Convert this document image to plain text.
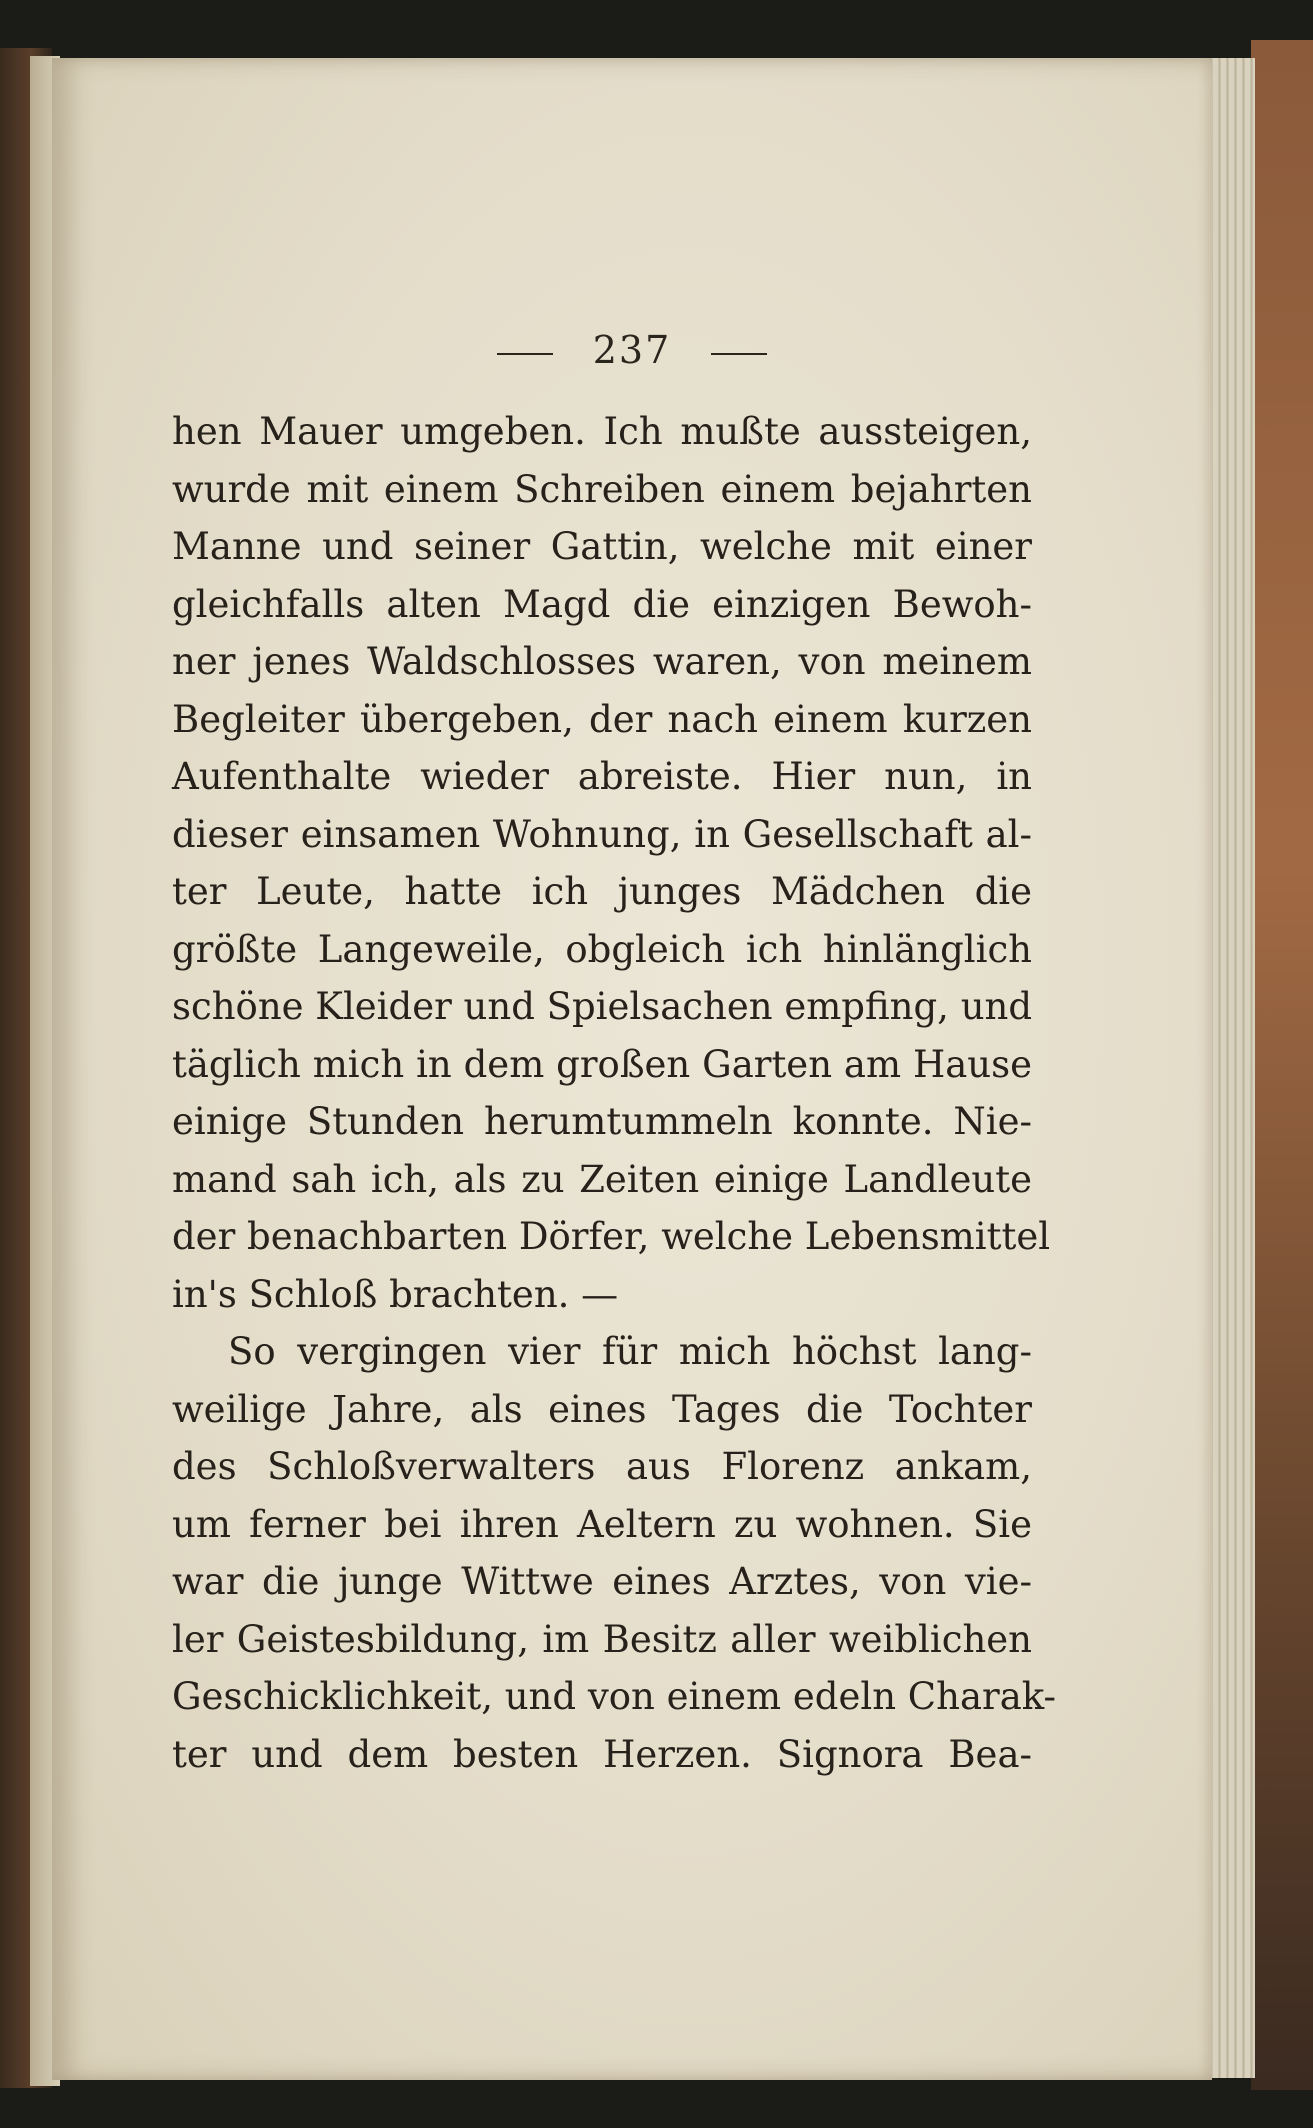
237
hen Mauer umgeben. Ich mußte aussteigen,
wurde mit einem Schreiben einem bejahrten
Manne und seiner Gattin, welche mit einer
gleichfalls alten Magd die einzigen Bewoh-
ner jenes Waldschlosses waren, von meinem
Begleiter übergeben, der nach einem kurzen
Aufenthalte wieder abreiste. Hier nun, in
dieser einsamen Wohnung, in Gesellschaft al-
ter Leute, hatte ich junges Mädchen die
größte Langeweile, obgleich ich hinlänglich
schöne Kleider und Spielsachen empfing, und
täglich mich in dem großen Garten am Hause
einige Stunden herumtummeln konnte. Nie-
mand sah ich, als zu Zeiten einige Landleute
der benachbarten Dörfer, welche Lebensmittel
in's Schloß brachten. —
So vergingen vier für mich höchst lang-
weilige Jahre, als eines Tages die Tochter
des Schloßverwalters aus Florenz ankam,
um ferner bei ihren Aeltern zu wohnen. Sie
war die junge Wittwe eines Arztes, von vie-
ler Geistesbildung, im Besitz aller weiblichen
Geschicklichkeit, und von einem edeln Charak-
ter und dem besten Herzen. Signora Bea-
